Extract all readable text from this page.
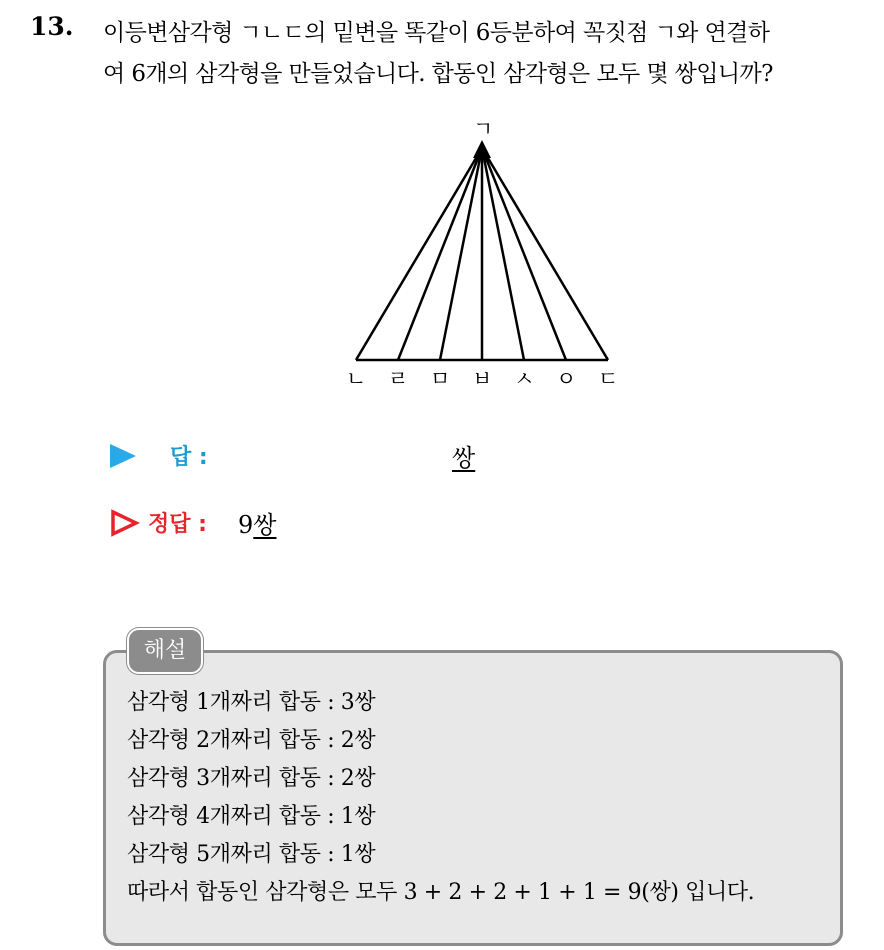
13. 이등변삼각형 ㄱㄴㄷ의 밑변을 똑같이 6등분하여 꼭짓점 ㄱ와 연결하
여 6개의 삼각형을 만들었습니다. 합동인 삼각형은 모두 몇 쌍입니까?
ㄱ
ㄴ ㄹ ㅁ ㅂ ㅅ ㅇ ㄷ
답 :	쌍
정답 : 9쌍
해설
삼각형 1개짜리 합동 : 3쌍
삼각형 2개짜리 합동 : 2쌍
삼각형 3개짜리 합동 : 2쌍
삼각형 4개짜리 합동 : 1쌍
삼각형 5개짜리 합동 : 1쌍
따라서 합동인 삼각형은 모두 3 + 2 + 2 + 1 + 1 = 9(쌍) 입니다.
